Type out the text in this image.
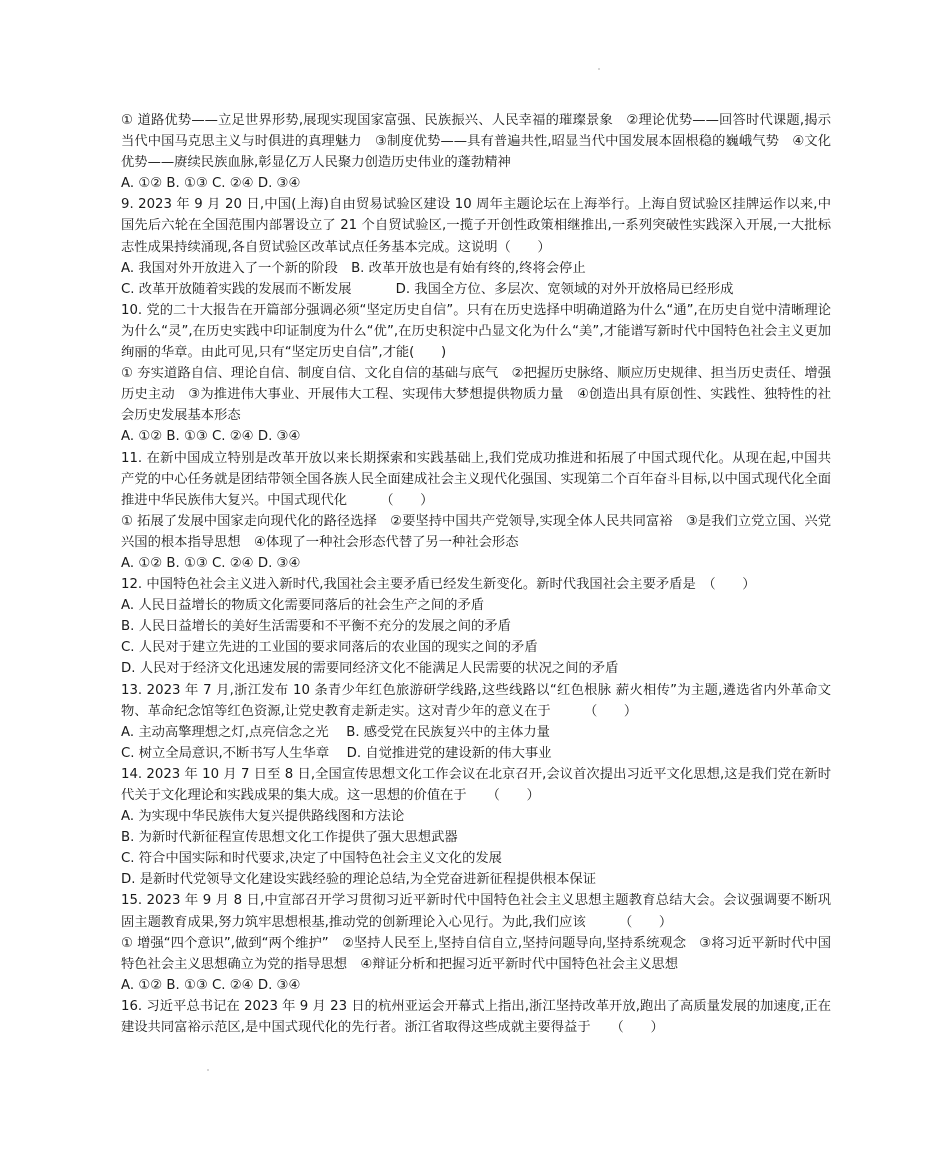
① 道路优势——立足世界形势,展现实现国家富强、民族振兴、人民幸福的璀璨景象　②理论优势——回答时代课题,揭示当代中国马克思主义与时俱进的真理魅力　③制度优势——具有普遍共性,昭显当代中国发展本固根稳的巍峨气势　④文化优势——赓续民族血脉,彰显亿万人民聚力创造历史伟业的蓬勃精神

A. ①② B. ①③ C. ②④ D. ③④

9. 2023 年 9 月 20 日,中国(上海)自由贸易试验区建设 10 周年主题论坛在上海举行。上海自贸试验区挂牌运作以来,中国先后六轮在全国范围内部署设立了 21 个自贸试验区,一揽子开创性政策相继推出,一系列突破性实践深入开展,一大批标志性成果持续涌现,各自贸试验区改革试点任务基本完成。这说明（　　）

A. 我国对外开放进入了一个新的阶段　B. 改革开放也是有始有终的,终将会停止

C. 改革开放随着实践的发展而不断发展　　　 D. 我国全方位、多层次、宽领域的对外开放格局已经形成

10. 党的二十大报告在开篇部分强调必须“坚定历史自信”。只有在历史选择中明确道路为什么“通”,在历史自觉中清晰理论为什么“灵”,在历史实践中印证制度为什么“优”,在历史积淀中凸显文化为什么“美”,才能谱写新时代中国特色社会主义更加绚丽的华章。由此可见,只有“坚定历史自信”,才能(　　)

① 夯实道路自信、理论自信、制度自信、文化自信的基础与底气　②把握历史脉络、顺应历史规律、担当历史责任、增强历史主动　③为推进伟大事业、开展伟大工程、实现伟大梦想提供物质力量　④创造出具有原创性、实践性、独特性的社会历史发展基本形态

A. ①② B. ①③ C. ②④ D. ③④

11. 在新中国成立特别是改革开放以来长期探索和实践基础上,我们党成功推进和拓展了中国式现代化。从现在起,中国共产党的中心任务就是团结带领全国各族人民全面建成社会主义现代化强国、实现第二个百年奋斗目标,以中国式现代化全面推进中华民族伟大复兴。中国式现代化　　　（　　）

① 拓展了发展中国家走向现代化的路径选择　②要坚持中国共产党领导,实现全体人民共同富裕　③是我们立党立国、兴党兴国的根本指导思想　④体现了一种社会形态代替了另一种社会形态

A. ①② B. ①③ C. ②④ D. ③④

12. 中国特色社会主义进入新时代,我国社会主要矛盾已经发生新变化。新时代我国社会主要矛盾是　（　　）

A. 人民日益增长的物质文化需要同落后的社会生产之间的矛盾

B. 人民日益增长的美好生活需要和不平衡不充分的发展之间的矛盾

C. 人民对于建立先进的工业国的要求同落后的农业国的现实之间的矛盾

D. 人民对于经济文化迅速发展的需要同经济文化不能满足人民需要的状况之间的矛盾

13. 2023 年 7 月,浙江发布 10 条青少年红色旅游研学线路,这些线路以“红色根脉 薪火相传”为主题,遴选省内外革命文物、革命纪念馆等红色资源,让党史教育走新走实。这对青少年的意义在于　　　（　　）

A. 主动高擎理想之灯,点亮信念之光　 B. 感受党在民族复兴中的主体力量

C. 树立全局意识,不断书写人生华章　 D. 自觉推进党的建设新的伟大事业

14. 2023 年 10 月 7 日至 8 日,全国宣传思想文化工作会议在北京召开,会议首次提出习近平文化思想,这是我们党在新时代关于文化理论和实践成果的集大成。这一思想的价值在于　　（　　）

A. 为实现中华民族伟大复兴提供路线图和方法论

B. 为新时代新征程宣传思想文化工作提供了强大思想武器

C. 符合中国实际和时代要求,决定了中国特色社会主义文化的发展

D. 是新时代党领导文化建设实践经验的理论总结,为全党奋进新征程提供根本保证

15. 2023 年 9 月 8 日,中宣部召开学习贯彻习近平新时代中国特色社会主义思想主题教育总结大会。会议强调要不断巩固主题教育成果,努力筑牢思想根基,推动党的创新理论入心见行。为此,我们应该　　　（　　）

① 增强“四个意识”,做到“两个维护”　②坚持人民至上,坚持自信自立,坚持问题导向,坚持系统观念　③将习近平新时代中国特色社会主义思想确立为党的指导思想　④辩证分析和把握习近平新时代中国特色社会主义思想

A. ①② B. ①③ C. ②④ D. ③④

16. 习近平总书记在 2023 年 9 月 23 日的杭州亚运会开幕式上指出,浙江坚持改革开放,跑出了高质量发展的加速度,正在建设共同富裕示范区,是中国式现代化的先行者。浙江省取得这些成就主要得益于　　（　　）
